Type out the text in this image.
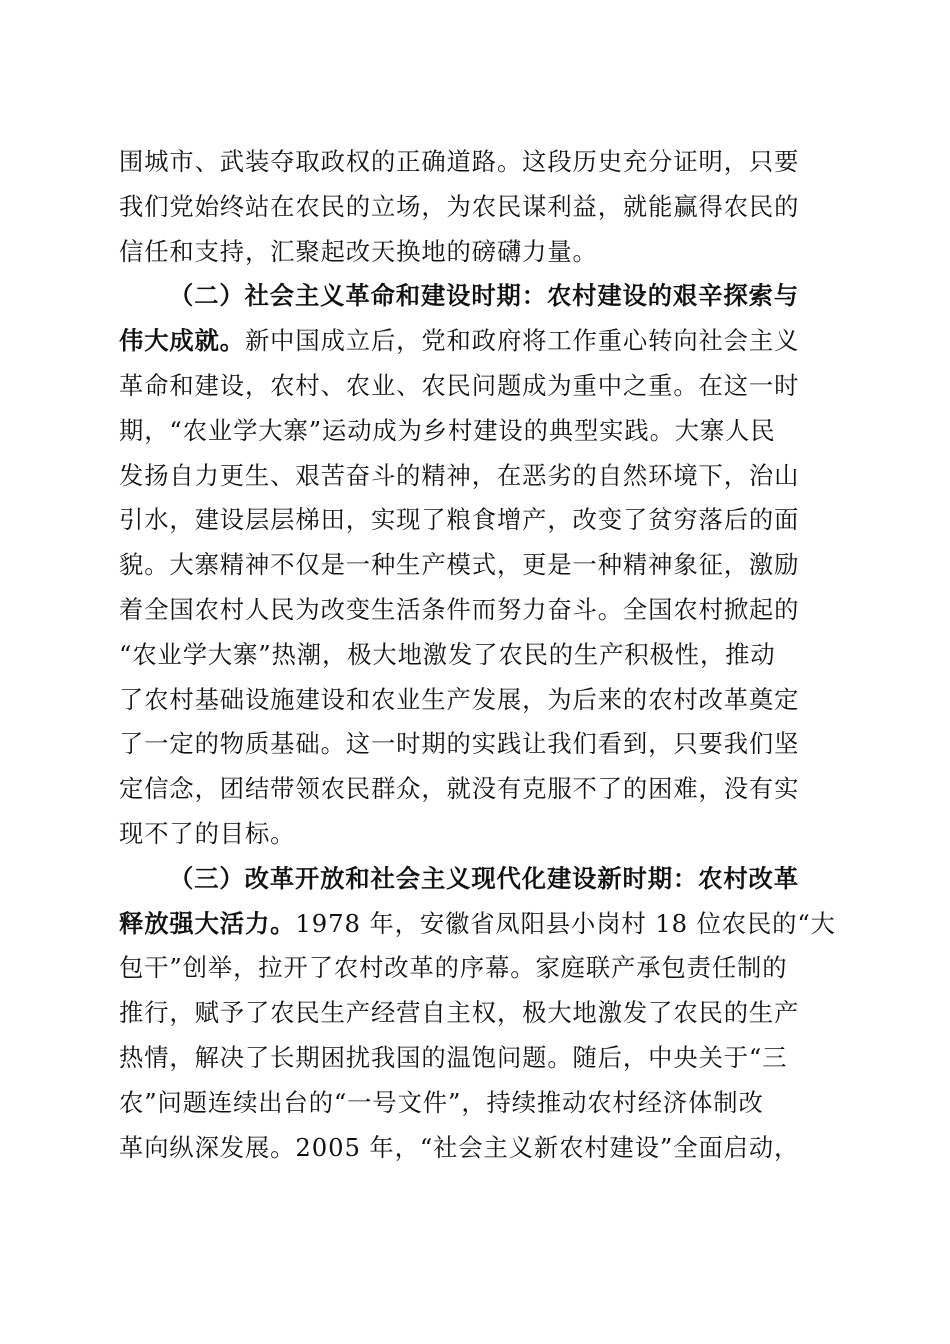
围城市、武装夺取政权的正确道路。这段历史充分证明，只要
我们党始终站在农民的立场，为农民谋利益，就能赢得农民的
信任和支持，汇聚起改天换地的磅礴力量。
（二）社会主义革命和建设时期：农村建设的艰辛探索与
伟大成就。新中国成立后，党和政府将工作重心转向社会主义
革命和建设，农村、农业、农民问题成为重中之重。在这一时
期，“农业学大寨”运动成为乡村建设的典型实践。大寨人民
发扬自力更生、艰苦奋斗的精神，在恶劣的自然环境下，治山
引水，建设层层梯田，实现了粮食增产，改变了贫穷落后的面
貌。大寨精神不仅是一种生产模式，更是一种精神象征，激励
着全国农村人民为改变生活条件而努力奋斗。全国农村掀起的
“农业学大寨”热潮，极大地激发了农民的生产积极性，推动
了农村基础设施建设和农业生产发展，为后来的农村改革奠定
了一定的物质基础。这一时期的实践让我们看到，只要我们坚
定信念，团结带领农民群众，就没有克服不了的困难，没有实
现不了的目标。
（三）改革开放和社会主义现代化建设新时期：农村改革
释放强大活力。1978 年，安徽省凤阳县小岗村 18 位农民的“大
包干”创举，拉开了农村改革的序幕。家庭联产承包责任制的
推行，赋予了农民生产经营自主权，极大地激发了农民的生产
热情，解决了长期困扰我国的温饱问题。随后，中央关于“三
农”问题连续出台的“一号文件”，持续推动农村经济体制改
革向纵深发展。2005 年，“社会主义新农村建设”全面启动，
